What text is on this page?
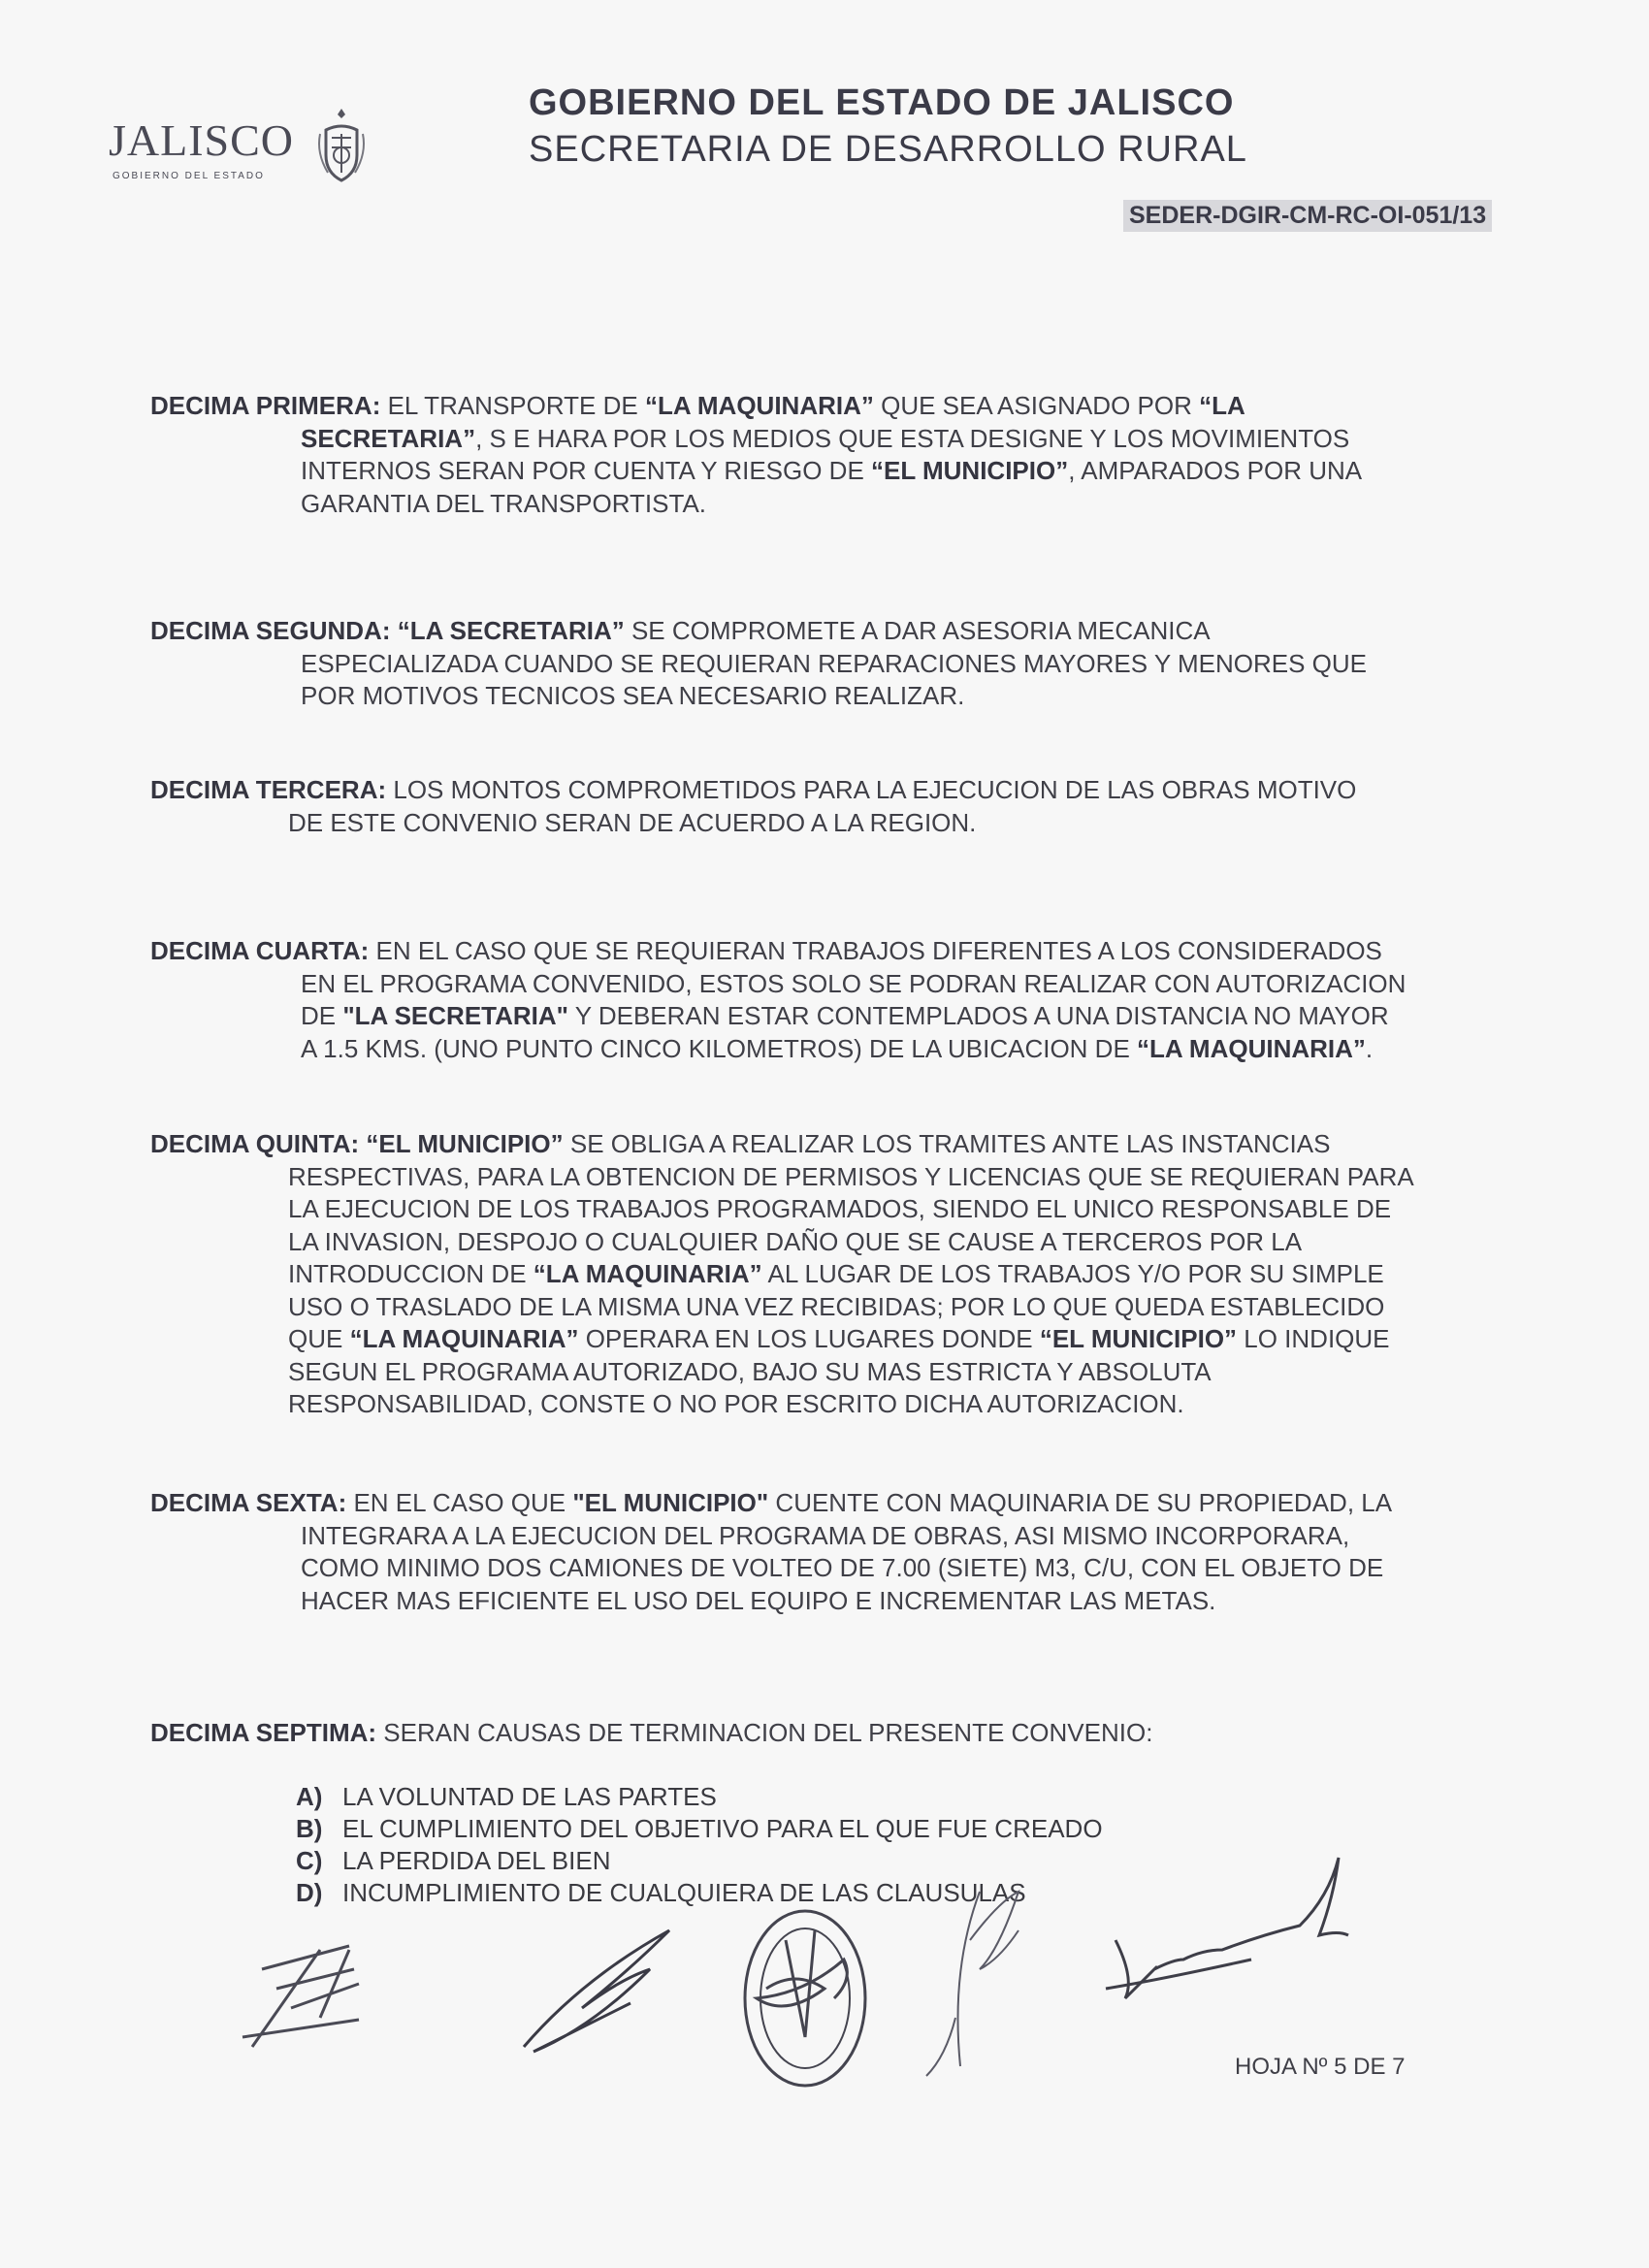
JALISCO
GOBIERNO DEL ESTADO
GOBIERNO DEL ESTADO DE JALISCO
SECRETARIA DE DESARROLLO RURAL
SEDER-DGIR-CM-RC-OI-051/13
DECIMA PRIMERA: EL TRANSPORTE DE “LA MAQUINARIA” QUE SEA ASIGNADO POR “LA
SECRETARIA”, S E HARA POR LOS MEDIOS QUE ESTA DESIGNE Y LOS MOVIMIENTOS
INTERNOS SERAN POR CUENTA Y RIESGO DE “EL MUNICIPIO”, AMPARADOS POR UNA
GARANTIA DEL TRANSPORTISTA.
DECIMA SEGUNDA: “LA SECRETARIA” SE COMPROMETE A DAR ASESORIA MECANICA
ESPECIALIZADA CUANDO SE REQUIERAN REPARACIONES MAYORES Y MENORES QUE
POR MOTIVOS TECNICOS SEA NECESARIO REALIZAR.
DECIMA TERCERA: LOS MONTOS COMPROMETIDOS PARA LA EJECUCION DE LAS OBRAS MOTIVO
DE ESTE CONVENIO SERAN DE ACUERDO A LA REGION.
DECIMA CUARTA: EN EL CASO QUE SE REQUIERAN TRABAJOS DIFERENTES A LOS CONSIDERADOS
EN EL PROGRAMA CONVENIDO, ESTOS SOLO SE PODRAN REALIZAR CON AUTORIZACION
DE "LA SECRETARIA" Y DEBERAN ESTAR CONTEMPLADOS A UNA DISTANCIA NO MAYOR
A 1.5 KMS. (UNO PUNTO CINCO KILOMETROS) DE LA UBICACION DE “LA MAQUINARIA”.
DECIMA QUINTA: “EL MUNICIPIO” SE OBLIGA A REALIZAR LOS TRAMITES ANTE LAS INSTANCIAS
RESPECTIVAS, PARA LA OBTENCION DE PERMISOS Y LICENCIAS QUE SE REQUIERAN PARA
LA EJECUCION DE LOS TRABAJOS PROGRAMADOS, SIENDO EL UNICO RESPONSABLE DE
LA INVASION, DESPOJO O CUALQUIER DAÑO QUE SE CAUSE A TERCEROS POR LA
INTRODUCCION DE “LA MAQUINARIA” AL LUGAR DE LOS TRABAJOS Y/O POR SU SIMPLE
USO O TRASLADO DE LA MISMA UNA VEZ RECIBIDAS; POR LO QUE QUEDA ESTABLECIDO
QUE “LA MAQUINARIA” OPERARA EN LOS LUGARES DONDE “EL MUNICIPIO” LO INDIQUE
SEGUN EL PROGRAMA AUTORIZADO, BAJO SU MAS ESTRICTA Y ABSOLUTA
RESPONSABILIDAD, CONSTE O NO POR ESCRITO DICHA AUTORIZACION.
DECIMA SEXTA: EN EL CASO QUE "EL MUNICIPIO" CUENTE CON MAQUINARIA DE SU PROPIEDAD, LA
INTEGRARA A LA EJECUCION DEL PROGRAMA DE OBRAS, ASI MISMO INCORPORARA,
COMO MINIMO DOS CAMIONES DE VOLTEO DE 7.00 (SIETE) M3, C/U, CON EL OBJETO DE
HACER MAS EFICIENTE EL USO DEL EQUIPO E INCREMENTAR LAS METAS.
DECIMA SEPTIMA: SERAN CAUSAS DE TERMINACION DEL PRESENTE CONVENIO:
A) LA VOLUNTAD DE LAS PARTES
B) EL CUMPLIMIENTO DEL OBJETIVO PARA EL QUE FUE CREADO
C) LA PERDIDA DEL BIEN
D) INCUMPLIMIENTO DE CUALQUIERA DE LAS CLAUSULAS
HOJA Nº 5 DE 7
